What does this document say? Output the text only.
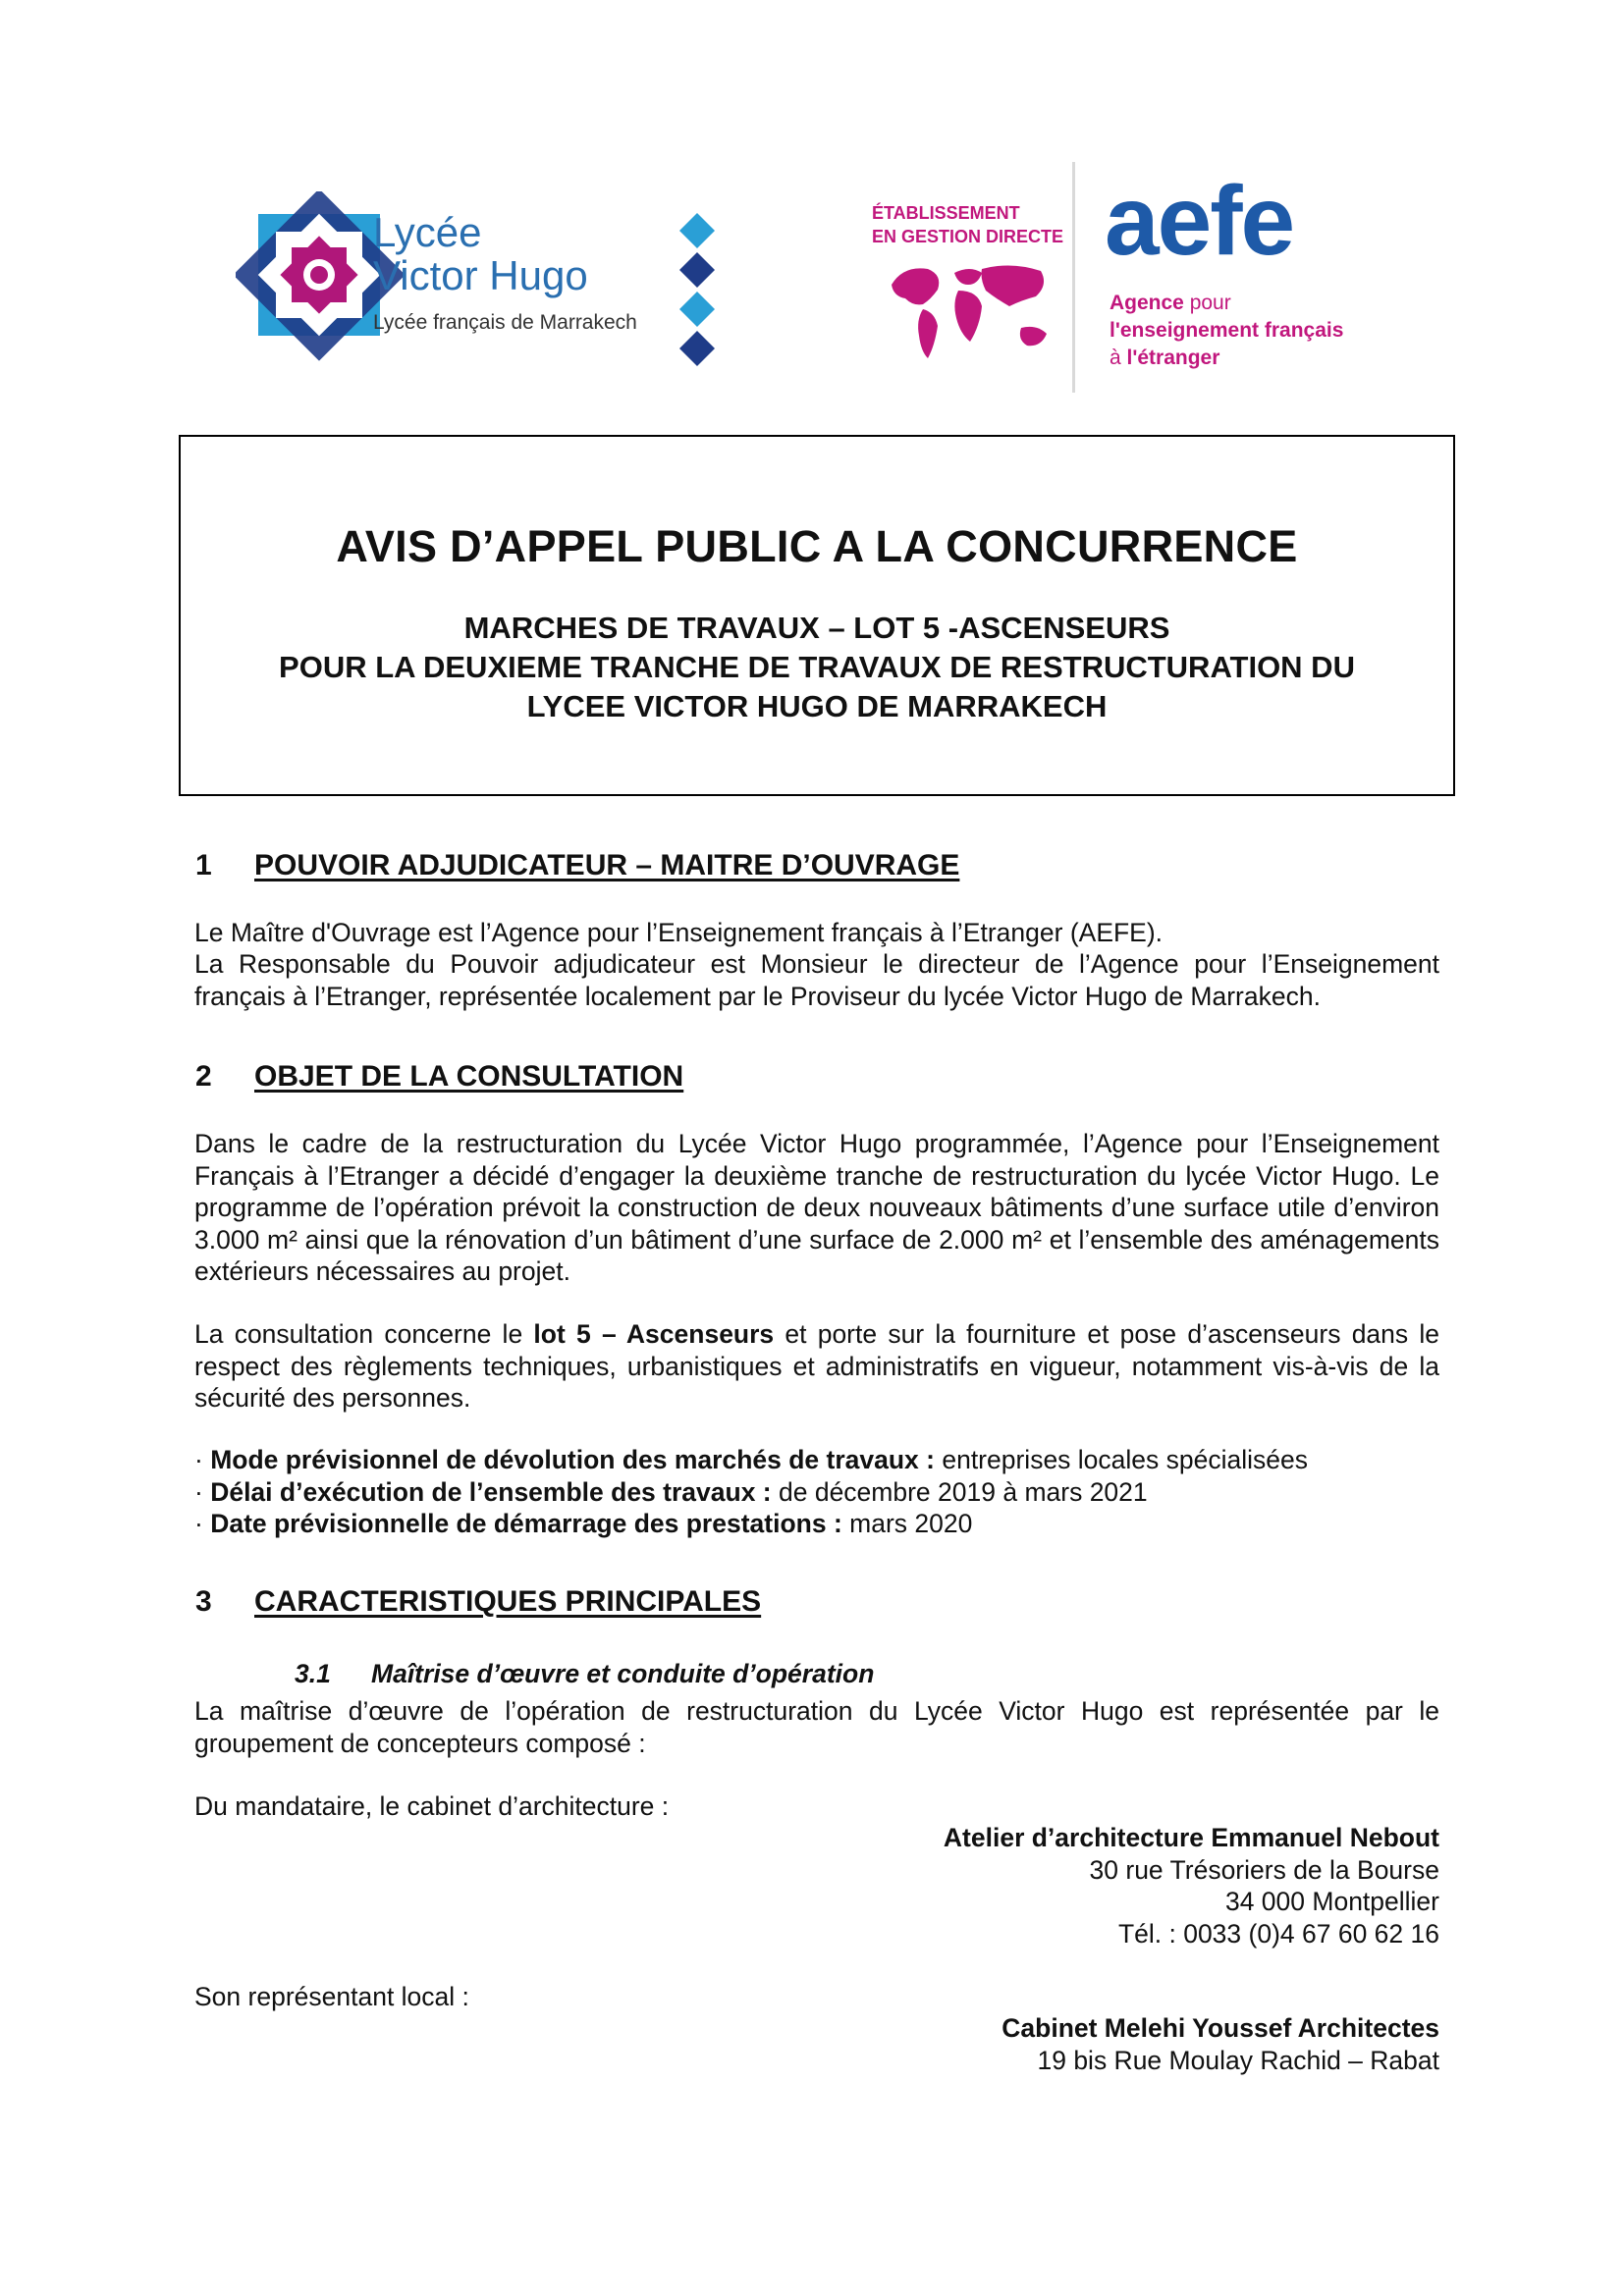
Lycée
Victor Hugo
Lycée français de Marrakech
ÉTABLISSEMENT
EN GESTION DIRECTE aefe
Agence pour
l'enseignement français
à l'étranger
AVIS D’APPEL PUBLIC A LA CONCURRENCE
MARCHES DE TRAVAUX – LOT 5 -ASCENSEURS
POUR LA DEUXIEME TRANCHE DE TRAVAUX DE RESTRUCTURATION DU
LYCEE VICTOR HUGO DE MARRAKECH
1 POUVOIR ADJUDICATEUR – MAITRE D’OUVRAGE
Le Maître d'Ouvrage est l’Agence pour l’Enseignement français à l’Etranger (AEFE).
La Responsable du Pouvoir adjudicateur est Monsieur le directeur de l’Agence pour l’Enseignement français à l’Etranger, représentée localement par le Proviseur du lycée Victor Hugo de Marrakech.
2 OBJET DE LA CONSULTATION
Dans le cadre de la restructuration du Lycée Victor Hugo programmée, l’Agence pour l’Enseignement Français à l’Etranger a décidé d’engager la deuxième tranche de restructuration du lycée Victor Hugo. Le programme de l’opération prévoit la construction de deux nouveaux bâtiments d’une surface utile d’environ 3.000 m² ainsi que la rénovation d’un bâtiment d’une surface de 2.000 m² et l’ensemble des aménagements extérieurs nécessaires au projet.
La consultation concerne le lot 5 – Ascenseurs et porte sur la fourniture et pose d’ascenseurs dans le respect des règlements techniques, urbanistiques et administratifs en vigueur, notamment vis-à-vis de la sécurité des personnes.
· Mode prévisionnel de dévolution des marchés de travaux : entreprises locales spécialisées
· Délai d’exécution de l’ensemble des travaux : de décembre 2019 à mars 2021
· Date prévisionnelle de démarrage des prestations : mars 2020
3 CARACTERISTIQUES PRINCIPALES
3.1 Maîtrise d’œuvre et conduite d’opération
La maîtrise d’œuvre de l’opération de restructuration du Lycée Victor Hugo est représentée par le groupement de concepteurs composé :
Du mandataire, le cabinet d’architecture :
Atelier d’architecture Emmanuel Nebout
30 rue Trésoriers de la Bourse
34 000 Montpellier
Tél. : 0033 (0)4 67 60 62 16
Son représentant local :
Cabinet Melehi Youssef Architectes
19 bis Rue Moulay Rachid – Rabat
